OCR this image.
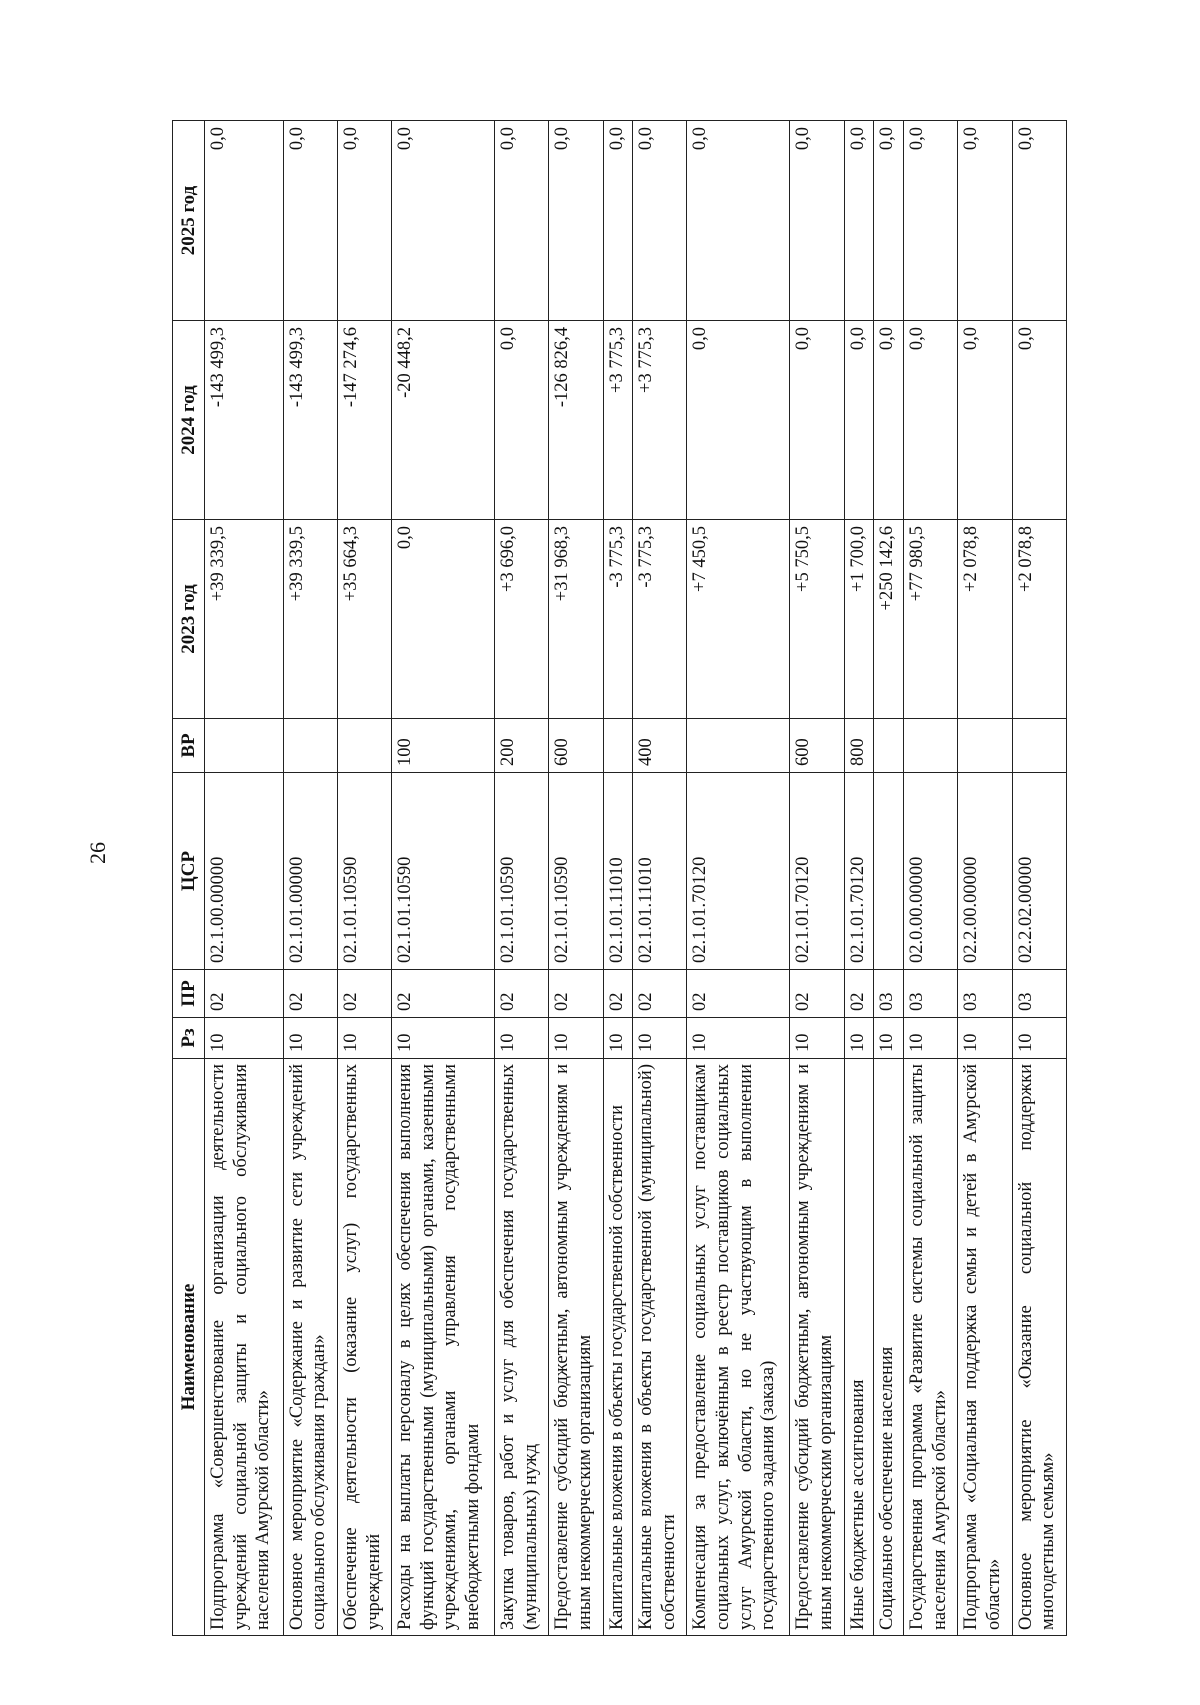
26
Наименование	Рз	ПР	ЦСР	ВР	2023 год	2024 год	2025 год
Подпрограмма «Совершенствование организации деятельности учреждений социальной защиты и социального обслуживания населения Амурской области»	10	02	02.1.00.00000		+39 339,5	-143 499,3	0,0
Основное мероприятие «Содержание и развитие сети учреждений социального обслуживания граждан»	10	02	02.1.01.00000		+39 339,5	-143 499,3	0,0
Обеспечение деятельности (оказание услуг) государственных учреждений	10	02	02.1.01.10590		+35 664,3	-147 274,6	0,0
Расходы на выплаты персоналу в целях обеспечения выполнения функций государственными (муниципальными) органами, казенными учреждениями, органами управления государственными внебюджетными фондами	10	02	02.1.01.10590	100	0,0	-20 448,2	0,0
Закупка товаров, работ и услуг для обеспечения государственных (муниципальных) нужд	10	02	02.1.01.10590	200	+3 696,0	0,0	0,0
Предоставление субсидий бюджетным, автономным учреждениям и иным некоммерческим организациям	10	02	02.1.01.10590	600	+31 968,3	-126 826,4	0,0
Капитальные вложения в объекты государственной собственности	10	02	02.1.01.11010		-3 775,3	+3 775,3	0,0
Капитальные вложения в объекты государственной (муниципальной) собственности	10	02	02.1.01.11010	400	-3 775,3	+3 775,3	0,0
Компенсация за предоставление социальных услуг поставщикам социальных услуг, включённым в реестр поставщиков социальных услуг Амурской области, но не участвующим в выполнении государственного задания (заказа)	10	02	02.1.01.70120		+7 450,5	0,0	0,0
Предоставление субсидий бюджетным, автономным учреждениям и иным некоммерческим организациям	10	02	02.1.01.70120	600	+5 750,5	0,0	0,0
Иные бюджетные ассигнования	10	02	02.1.01.70120	800	+1 700,0	0,0	0,0
Социальное обеспечение населения	10	03			+250 142,6	0,0	0,0
Государственная программа «Развитие системы социальной защиты населения Амурской области»	10	03	02.0.00.00000		+77 980,5	0,0	0,0
Подпрограмма «Социальная поддержка семьи и детей в Амурской области»	10	03	02.2.00.00000		+2 078,8	0,0	0,0
Основное мероприятие «Оказание социальной поддержки многодетным семьям»	10	03	02.2.02.00000		+2 078,8	0,0	0,0
